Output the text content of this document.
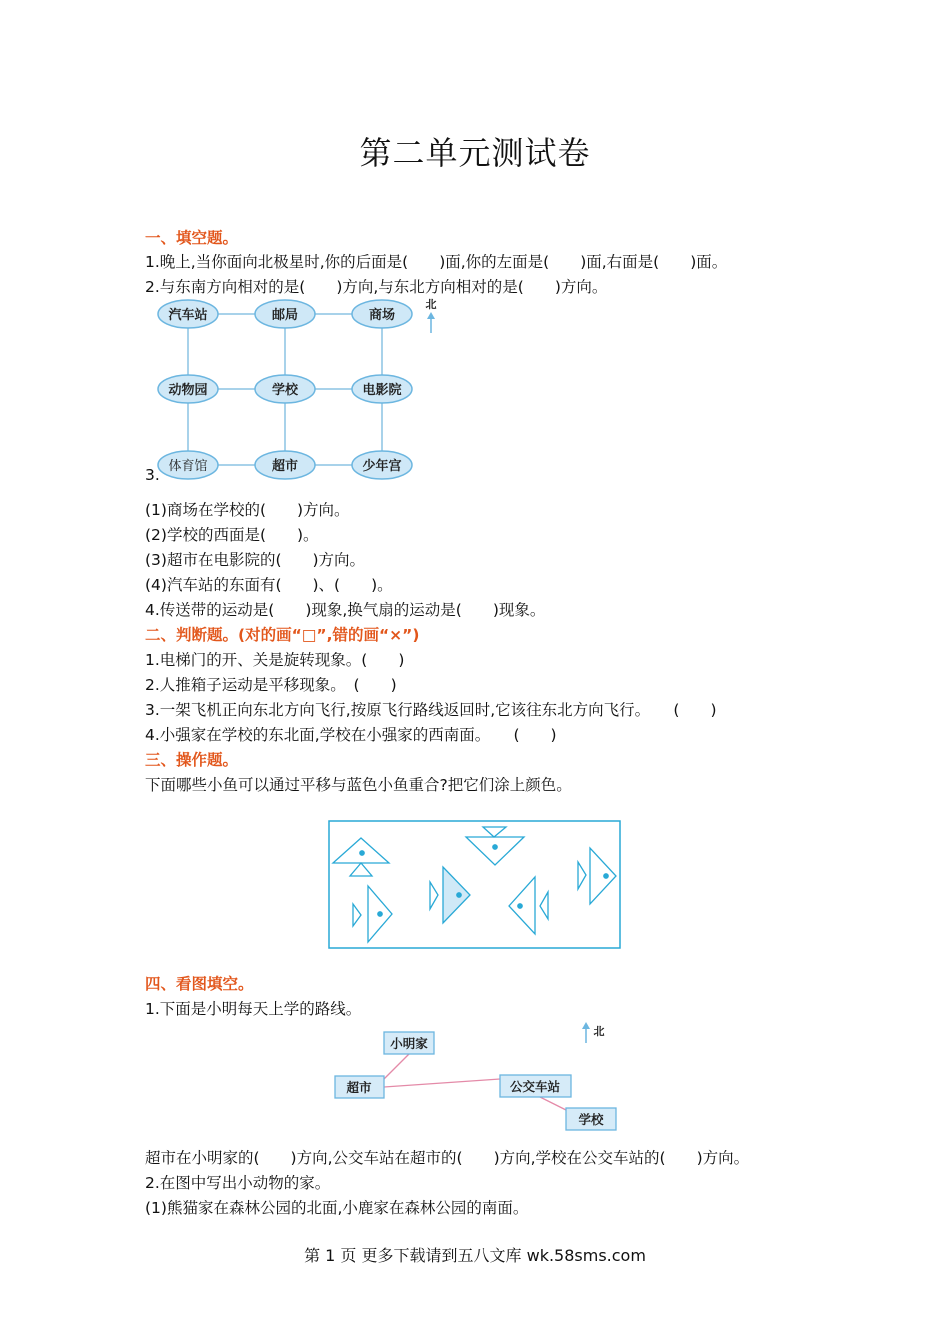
第二单元测试卷
一、填空题。
1.晚上,当你面向北极星时,你的后面是(　　)面,你的左面是(　　)面,右面是(　　)面。
2.与东南方向相对的是(　　)方向,与东北方向相对的是(　　)方向。
汽车站	邮局	商场
动物园	学校	电影院
体育馆	超市	少年宫
北
3.
(1)商场在学校的(　　)方向。
(2)学校的西面是(　　)。
(3)超市在电影院的(　　)方向。
(4)汽车站的东面有(　　)、(　　)。
4.传送带的运动是(　　)现象,换气扇的运动是(　　)现象。
二、判断题。(对的画“□”,错的画“×”)
1.电梯门的开、关是旋转现象。(　　)
2.人推箱子运动是平移现象。　(　　)
3.一架飞机正向东北方向飞行,按原飞行路线返回时,它该往东北方向飞行。　　(　　)
4.小强家在学校的东北面,学校在小强家的西南面。　　(　　)
三、操作题。
下面哪些小鱼可以通过平移与蓝色小鱼重合?把它们涂上颜色。
四、看图填空。
1.下面是小明每天上学的路线。
小明家
超市	公交车站
学校
北
超市在小明家的(　　)方向,公交车站在超市的(　　)方向,学校在公交车站的(　　)方向。
2.在图中写出小动物的家。
(1)熊猫家在森林公园的北面,小鹿家在森林公园的南面。
第 1 页 更多下载请到五八文库 wk.58sms.com
